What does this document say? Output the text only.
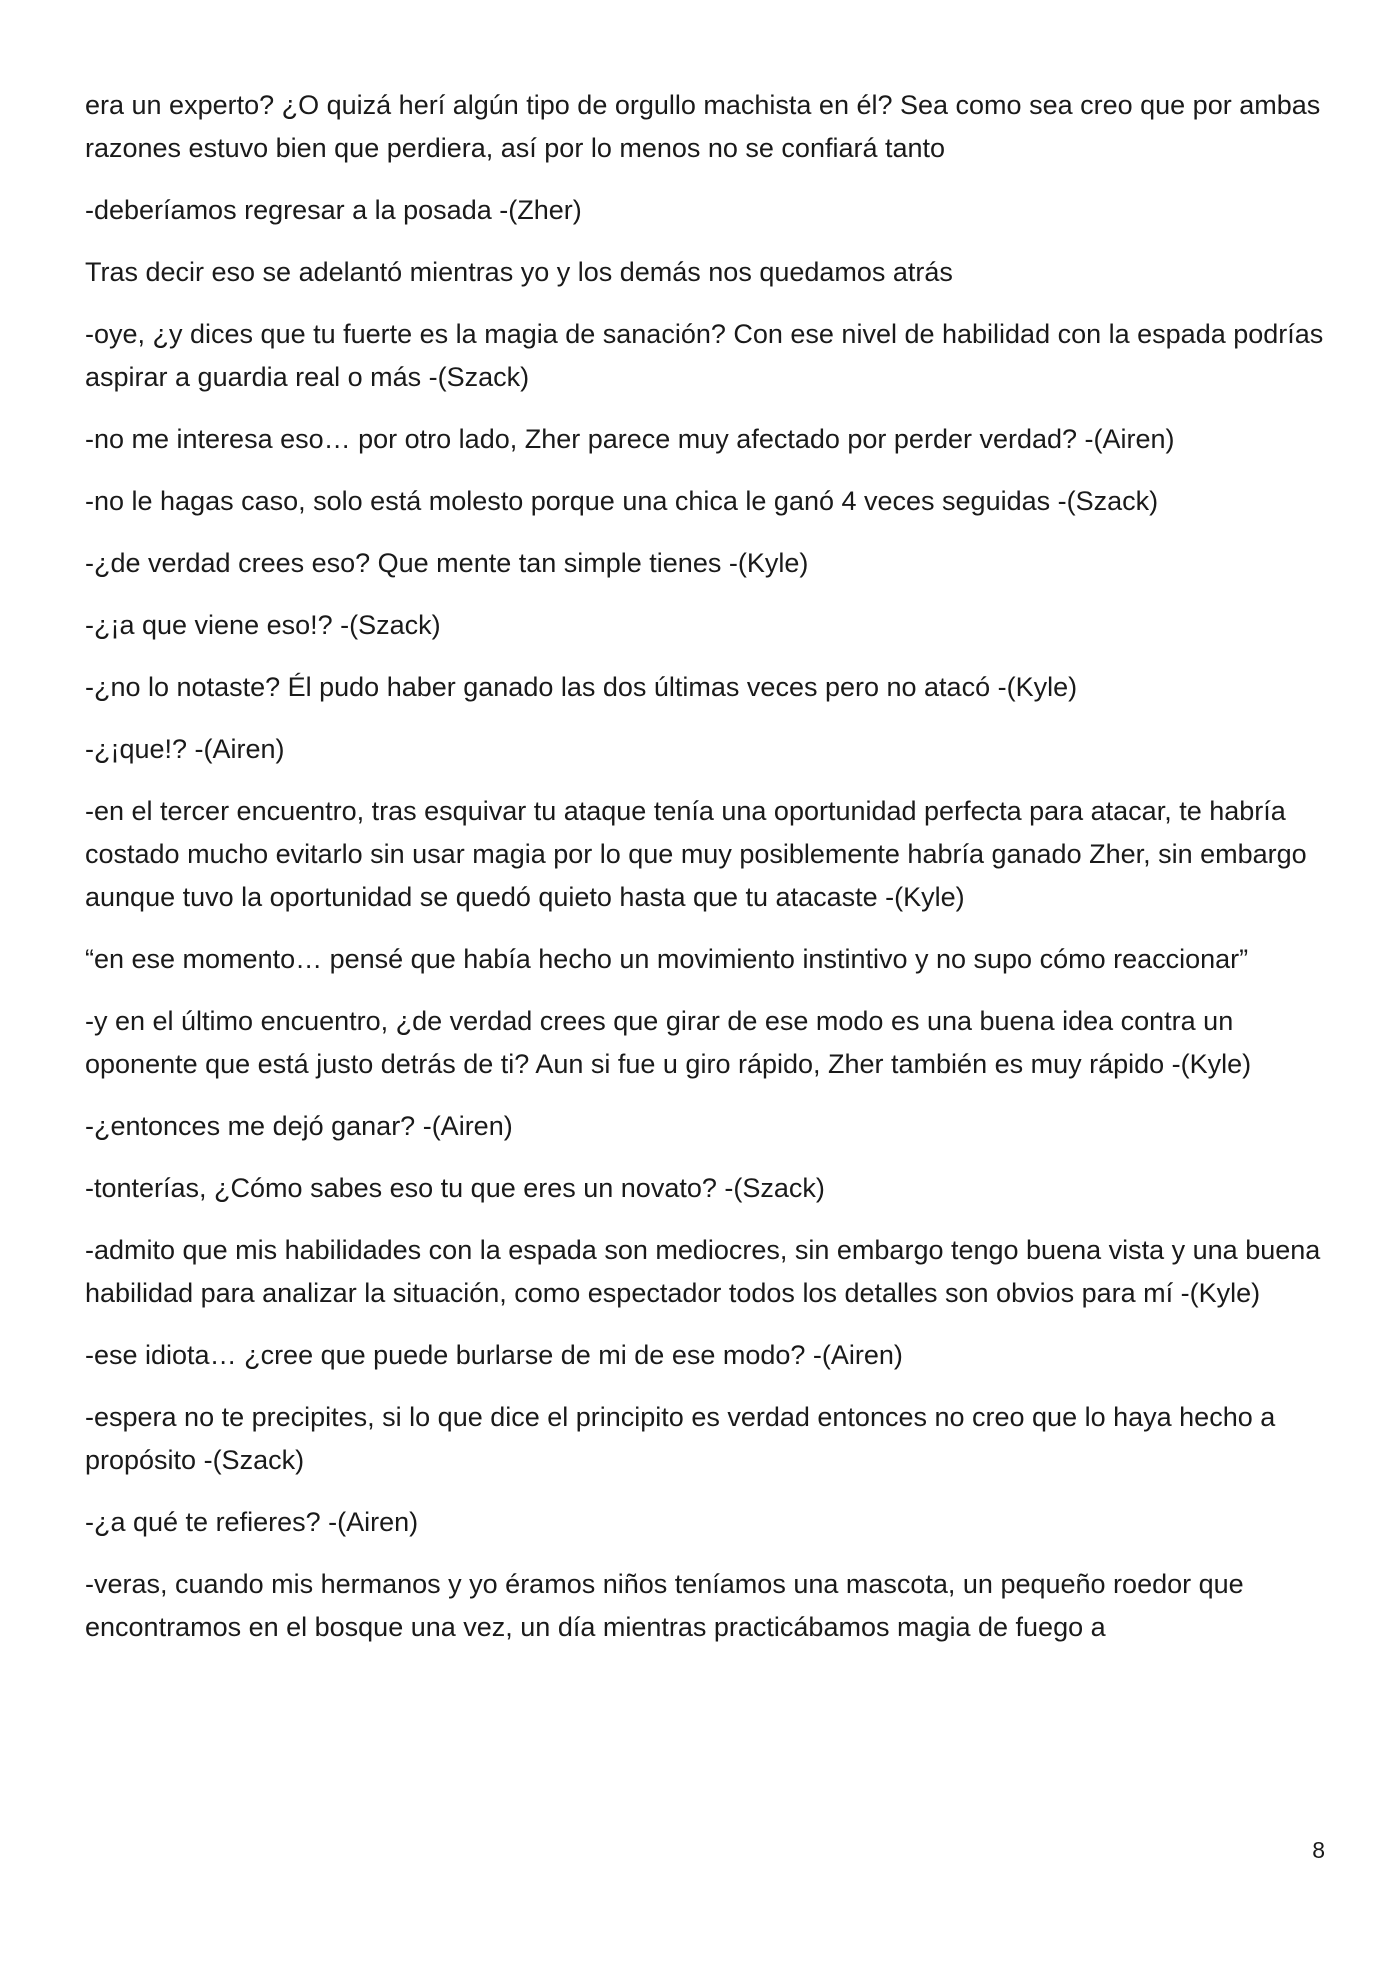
era un experto? ¿O quizá herí algún tipo de orgullo machista en él? Sea como sea creo que por ambas razones estuvo bien que perdiera, así por lo menos no se confiará tanto

-deberíamos regresar a la posada -(Zher)

Tras decir eso se adelantó mientras yo y los demás nos quedamos atrás

-oye, ¿y dices que tu fuerte es la magia de sanación? Con ese nivel de habilidad con la espada podrías aspirar a guardia real o más -(Szack)

-no me interesa eso… por otro lado, Zher parece muy afectado por perder verdad? -(Airen)

-no le hagas caso, solo está molesto porque una chica le ganó 4 veces seguidas -(Szack)

-¿de verdad crees eso? Que mente tan simple tienes -(Kyle)

-¿¡a que viene eso!? -(Szack)

-¿no lo notaste? Él pudo haber ganado las dos últimas veces pero no atacó -(Kyle)

-¿¡que!? -(Airen)

-en el tercer encuentro, tras esquivar tu ataque tenía una oportunidad perfecta para atacar, te habría costado mucho evitarlo sin usar magia por lo que muy posiblemente habría ganado Zher, sin embargo aunque tuvo la oportunidad se quedó quieto hasta que tu atacaste -(Kyle)

“en ese momento… pensé que había hecho un movimiento instintivo y no supo cómo reaccionar”

-y en el último encuentro, ¿de verdad crees que girar de ese modo es una buena idea contra un oponente que está justo detrás de ti? Aun si fue u giro rápido, Zher también es muy rápido -(Kyle)

-¿entonces me dejó ganar? -(Airen)

-tonterías, ¿Cómo sabes eso tu que eres un novato? -(Szack)

-admito que mis habilidades con la espada son mediocres, sin embargo tengo buena vista y una buena habilidad para analizar la situación, como espectador todos los detalles son obvios para mí -(Kyle)

-ese idiota… ¿cree que puede burlarse de mi de ese modo? -(Airen)

-espera no te precipites, si lo que dice el principito es verdad entonces no creo que lo haya hecho a propósito -(Szack)

-¿a qué te refieres? -(Airen)

-veras, cuando mis hermanos y yo éramos niños teníamos una mascota, un pequeño roedor que encontramos en el bosque una vez, un día mientras practicábamos magia de fuego a

8
